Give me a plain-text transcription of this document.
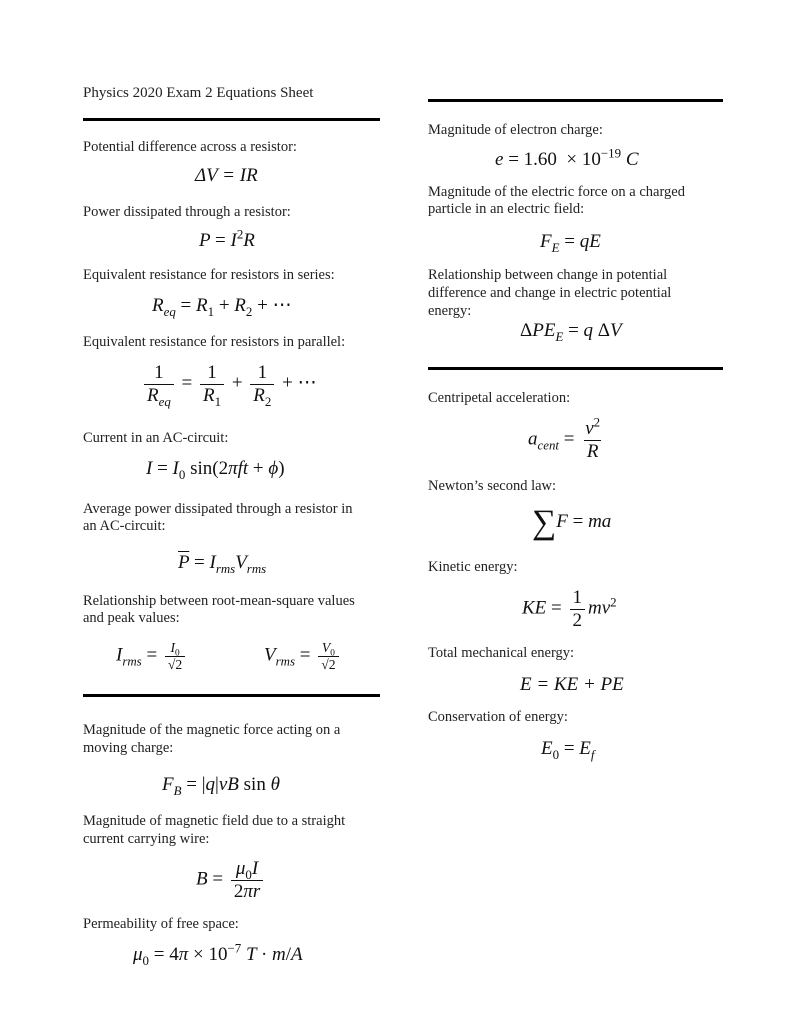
Physics 2020 Exam 2 Equations Sheet
Potential difference across a resistor:
ΔV = IR
Power dissipated through a resistor:
$P = I^2R$
Equivalent resistance for resistors in series:
$R_{eq} = R_1 + R_2$ + ⋯
Equivalent resistance for resistors in parallel:
$\frac{1}{R_{eq}} = \frac{1}{R_1} + \frac{1}{R_2}$ + ⋯
Current in an AC-circuit:
$I = I_0$ sin(2πft + ϕ)
Average power dissipated through a resistor in
an AC-circuit:
$\overline{P} = I_{rms}V_{rms}$
Relationship between root-mean-square values
and peak values:
$I_{rms} = \frac{I_0}{√2}$	$V_{rms} = \frac{V_0}{√2}$
Magnitude of the magnetic force acting on a
moving charge:
$F_B = |q|vB$ sin θ
Magnitude of magnetic field due to a straight
current carrying wire:
$B = \frac{\mu_0I}{2\pi r}$
Permeability of free space:
$\mu_0 = 4\pi \times 10^{-7}$ T · m/A
Magnitude of electron charge:
$e = 1.60 \times 10^{-19}$ C
Magnitude of the electric force on a charged
particle in an electric field:
$F_E$ = qE
Relationship between change in potential
difference and change in electric potential
energy:
$\Delta PE_E = q$ ΔV
Centripetal acceleration:
$a_{cent} = \frac{v^2}{R}$
Newton’s second law:
∑F = ma
Kinetic energy:
KE = $\frac{1}{2} mv^2$
Total mechanical energy:
E = KE + PE
Conservation of energy:
$E_0 = E_f$
